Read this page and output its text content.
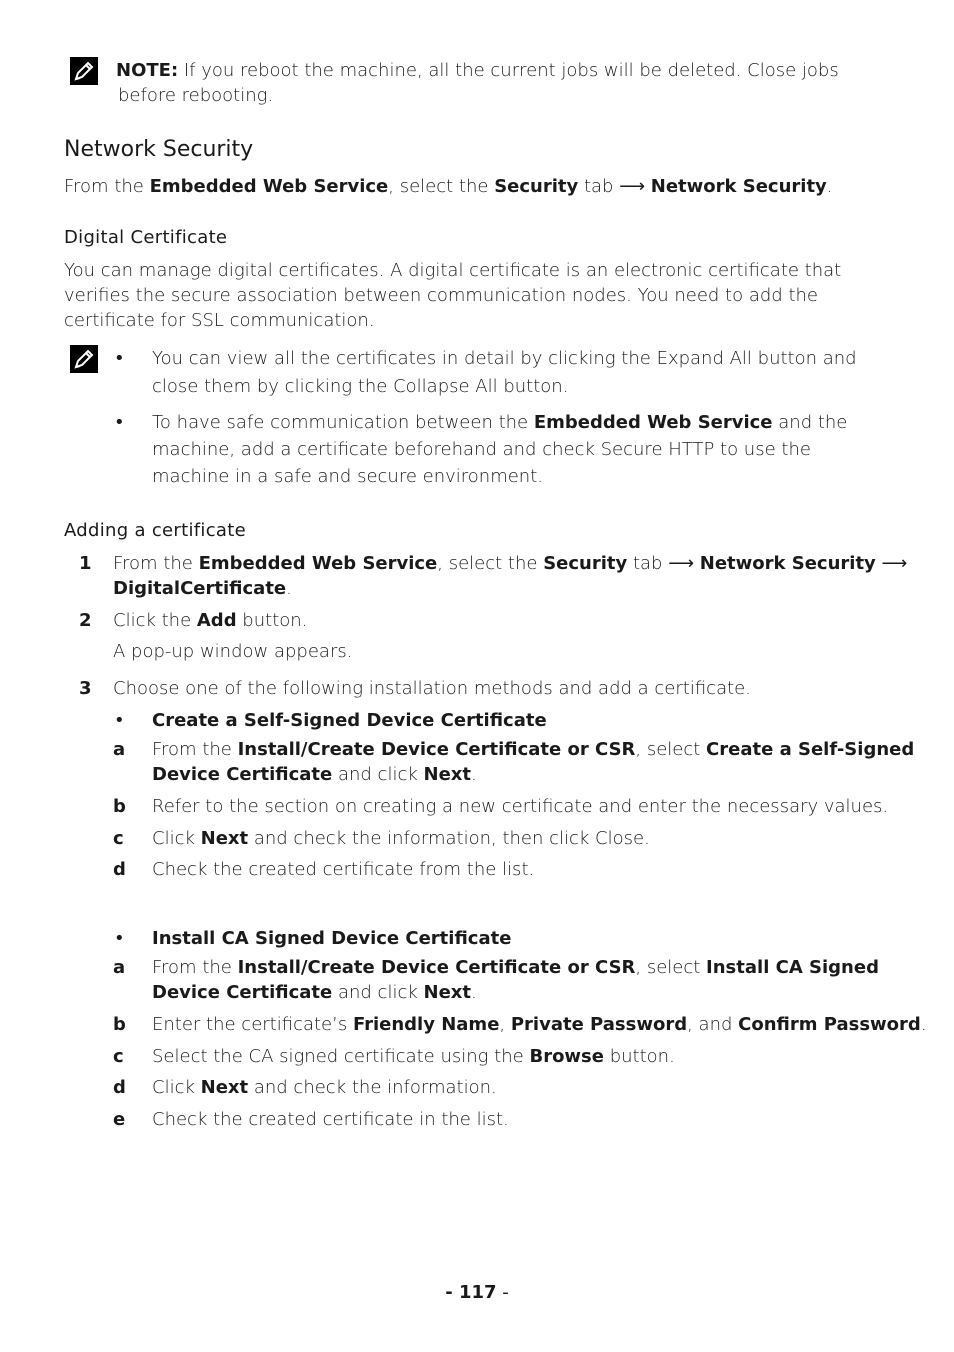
NOTE: If you reboot the machine, all the current jobs will be deleted. Close jobs
before rebooting.
Network Security
From the Embedded Web Service, select the Security tab ⟶ Network Security.
Digital Certificate
You can manage digital certificates. A digital certificate is an electronic certificate that
verifies the secure association between communication nodes. You need to add the
certificate for SSL communication.
• You can view all the certificates in detail by clicking the Expand All button and
close them by clicking the Collapse All button.
• To have safe communication between the Embedded Web Service and the
machine, add a certificate beforehand and check Secure HTTP to use the
machine in a safe and secure environment.
Adding a certificate
1	From the Embedded Web Service, select the Security tab ⟶ Network Security ⟶
DigitalCertificate.
2	Click the Add button.
A pop-up window appears.
3	Choose one of the following installation methods and add a certificate.
• Create a Self-Signed Device Certificate
a	From the Install/Create Device Certificate or CSR, select Create a Self-Signed
Device Certificate and click Next.
b	Refer to the section on creating a new certificate and enter the necessary values.
c	Click Next and check the information, then click Close.
d	Check the created certificate from the list.
• Install CA Signed Device Certificate
a	From the Install/Create Device Certificate or CSR, select Install CA Signed
Device Certificate and click Next.
b	Enter the certificate’s Friendly Name, Private Password, and Confirm Password.
c	Select the CA signed certificate using the Browse button.
d	Click Next and check the information.
e	Check the created certificate in the list.
- 117 -
